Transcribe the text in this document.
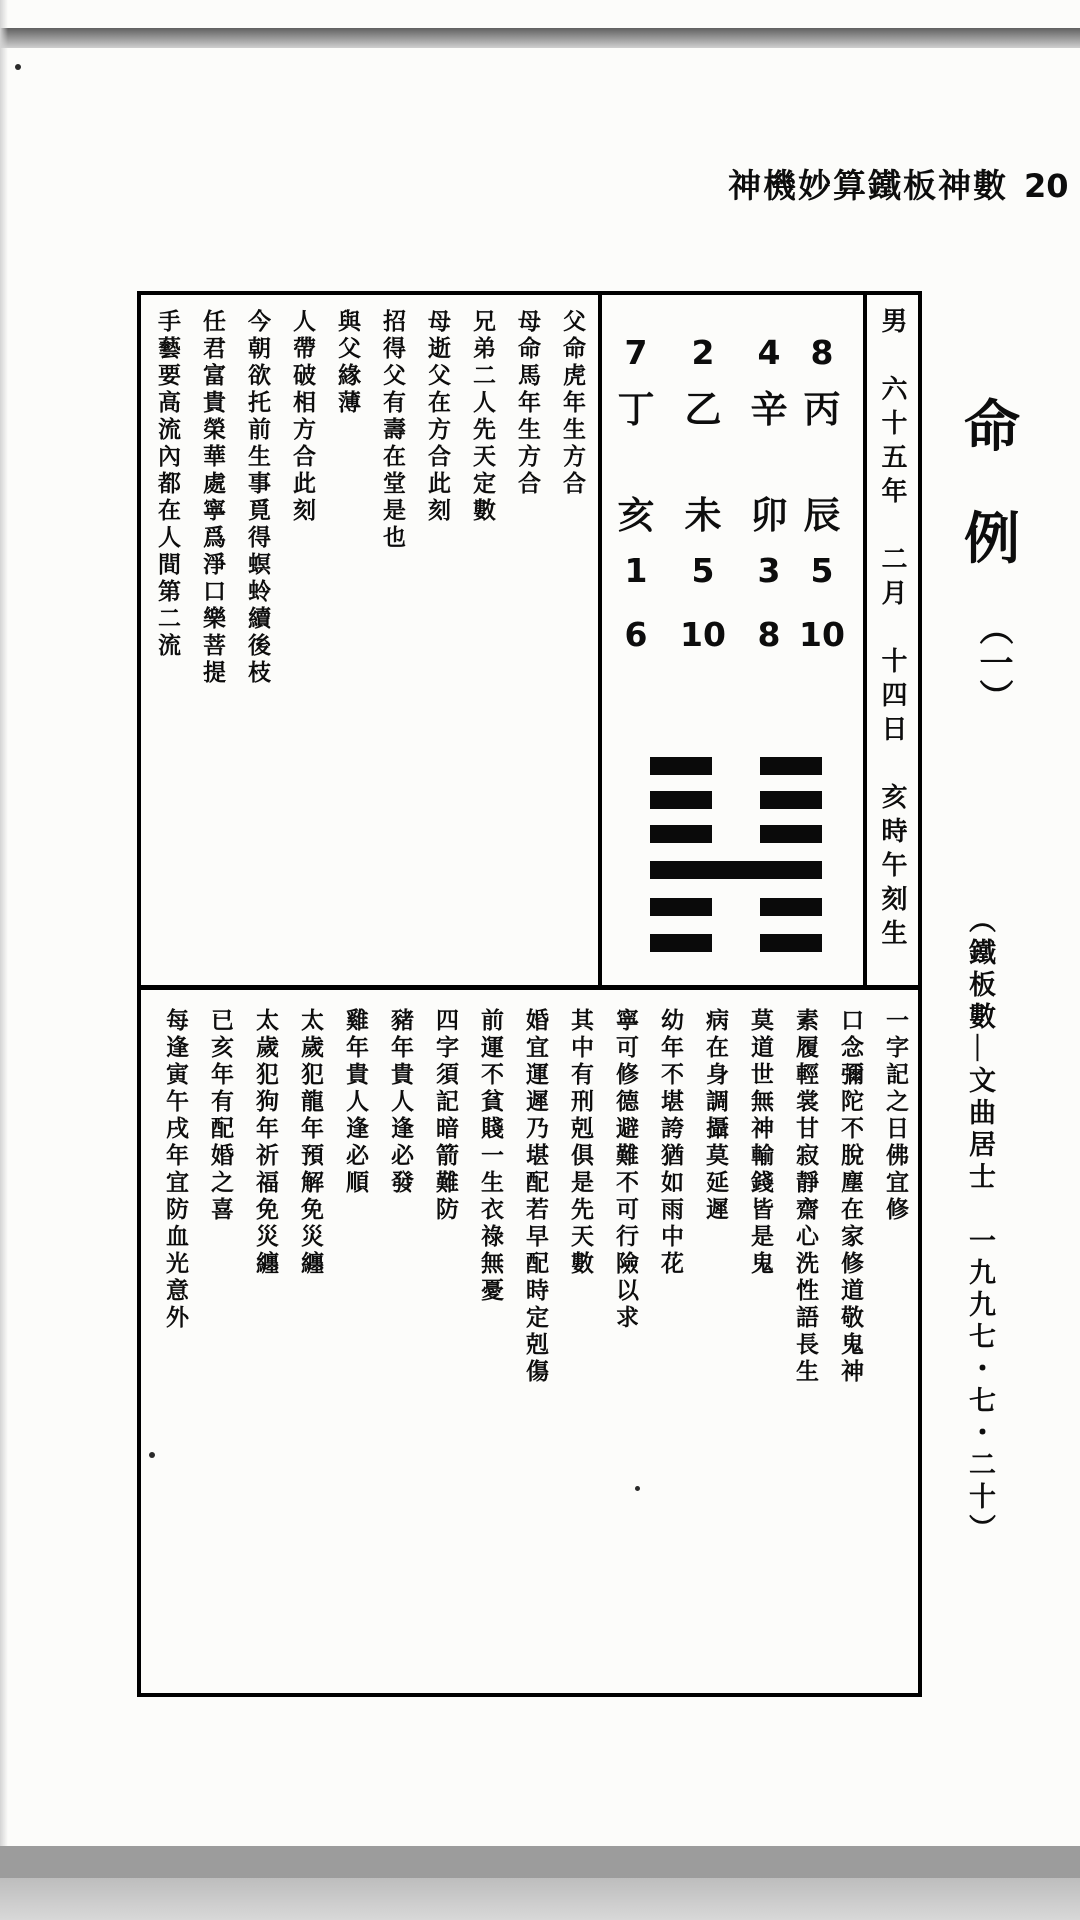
神機妙算鐵板神數 20
命
例
（一）
（鐵板數—文曲居士　一九九七・七・二十）
男　六十五年　二月　十四日　亥時午刻生
8
丙
辰
5
10
4
辛
卯
3
8
2
乙
未
5
10
7
丁
亥
1
6
父命虎年生方合
母命馬年生方合
兄弟二人先天定數
母逝父在方合此刻
招得父有壽在堂是也
與父緣薄
人帶破相方合此刻
今朝欲托前生事覓得螟蛉續後枝
任君富貴榮華處寧爲淨口樂菩提
手藝要高流內都在人間第二流
一字記之日佛宜修
口念彌陀不脫塵在家修道敬鬼神
素履輕裳甘寂靜齋心洗性語長生
莫道世無神輸錢皆是鬼
病在身調攝莫延遲
幼年不堪誇猶如雨中花
寧可修德避難不可行險以求
其中有刑剋俱是先天數
婚宜運遲乃堪配若早配時定剋傷
前運不貧賤一生衣祿無憂
四字須記暗箭難防
豬年貴人逢必發
雞年貴人逢必順
太歲犯龍年預解免災纏
太歲犯狗年祈福免災纏
已亥年有配婚之喜
每逢寅午戌年宜防血光意外
